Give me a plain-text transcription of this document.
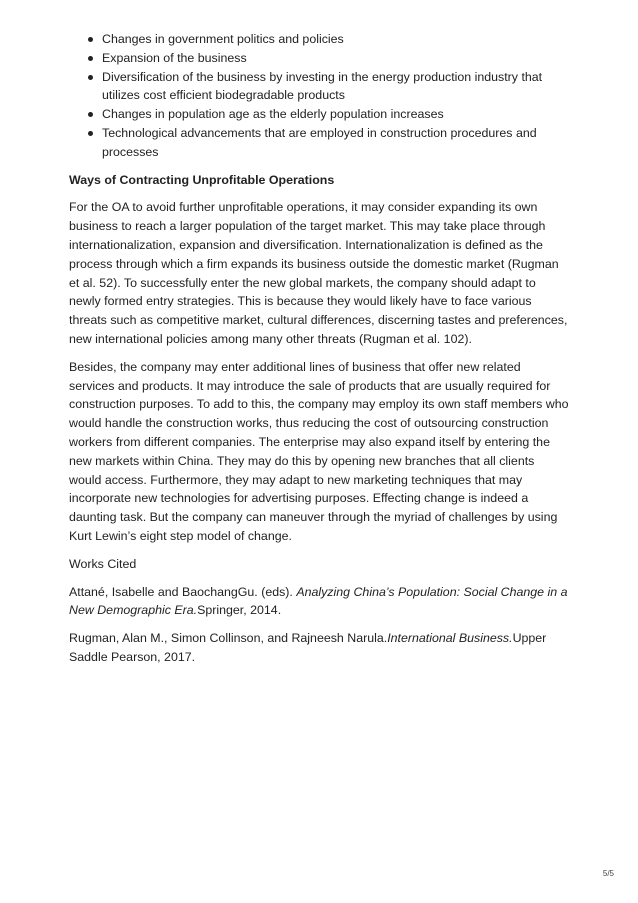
Changes in government politics and policies
Expansion of the business
Diversification of the business by investing in the energy production industry that utilizes cost efficient biodegradable products
Changes in population age as the elderly population increases
Technological advancements that are employed in construction procedures and processes
Ways of Contracting Unprofitable Operations

For the OA to avoid further unprofitable operations, it may consider expanding its own business to reach a larger population of the target market. This may take place through internationalization, expansion and diversification. Internationalization is defined as the process through which a firm expands its business outside the domestic market (Rugman et al. 52). To successfully enter the new global markets, the company should adapt to newly formed entry strategies. This is because they would likely have to face various threats such as competitive market, cultural differences, discerning tastes and preferences, new international policies among many other threats (Rugman et al. 102).

Besides, the company may enter additional lines of business that offer new related services and products. It may introduce the sale of products that are usually required for construction purposes. To add to this, the company may employ its own staff members who would handle the construction works, thus reducing the cost of outsourcing construction workers from different companies. The enterprise may also expand itself by entering the new markets within China. They may do this by opening new branches that all clients would access. Furthermore, they may adapt to new marketing techniques that may incorporate new technologies for advertising purposes. Effecting change is indeed a daunting task. But the company can maneuver through the myriad of challenges by using Kurt Lewin’s eight step model of change.

Works Cited

Attané, Isabelle and BaochangGu. (eds). Analyzing China’s Population: Social Change in a New Demographic Era.Springer, 2014.

Rugman, Alan M., Simon Collinson, and Rajneesh Narula.International Business.Upper Saddle Pearson, 2017.

5/5
